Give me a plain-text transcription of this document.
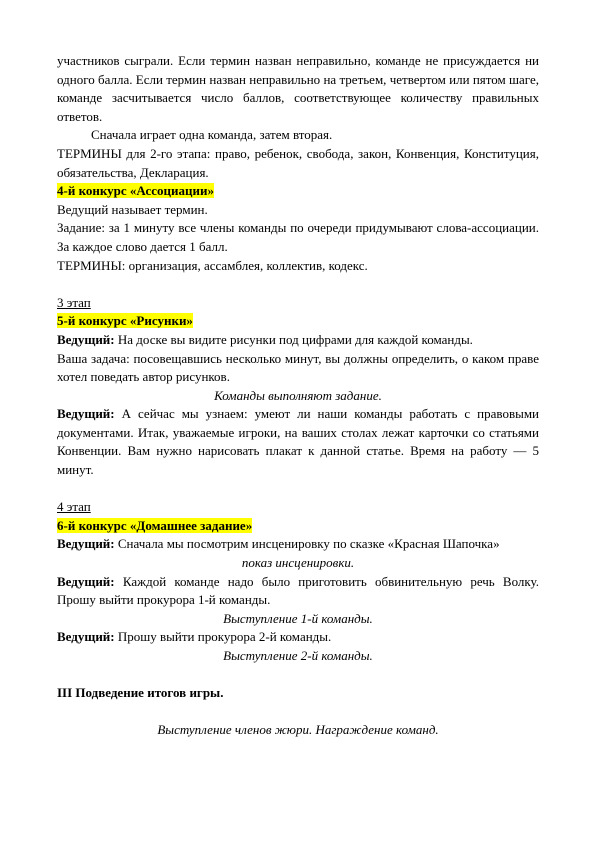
участников сыграли. Если термин назван неправильно, команде не присуждается ни одного балла. Если термин назван неправильно на третьем, четвертом или пятом шаге, команде засчитывается число баллов, соответствующее количеству правильных ответов.

Сначала играет одна команда, затем вторая.

ТЕРМИНЫ для 2-го этапа: право, ребенок, свобода, закон, Конвенция, Конституция, обязательства, Декларация.

4-й конкурс «Ассоциации»

Ведущий называет термин.

Задание: за 1 минуту все члены команды по очереди придумывают слова-ассоциации. За каждое слово дается 1 балл.

ТЕРМИНЫ: организация, ассамблея, коллектив, кодекс.

3 этап

5-й конкурс «Рисунки»

Ведущий: На доске вы видите рисунки под цифрами для каждой команды.

Ваша задача: посовещавшись несколько минут, вы должны определить, о каком праве хотел поведать автор рисунков.

Команды выполняют задание.

Ведущий: А сейчас мы узнаем: умеют ли наши команды работать с правовыми документами. Итак, уважаемые игроки, на ваших столах лежат карточки со статьями Конвенции. Вам нужно нарисовать плакат к данной статье. Время на работу — 5 минут.

4 этап

6-й конкурс «Домашнее задание»

Ведущий: Сначала мы посмотрим инсценировку по сказке «Красная Шапочка»

показ инсценировки.

Ведущий: Каждой команде надо было приготовить обвинительную речь Волку. Прошу выйти прокурора 1-й команды.

Выступление 1-й команды.

Ведущий: Прошу выйти прокурора 2-й команды.

Выступление 2-й команды.

III Подведение итогов игры.

Выступление членов жюри. Награждение команд.
